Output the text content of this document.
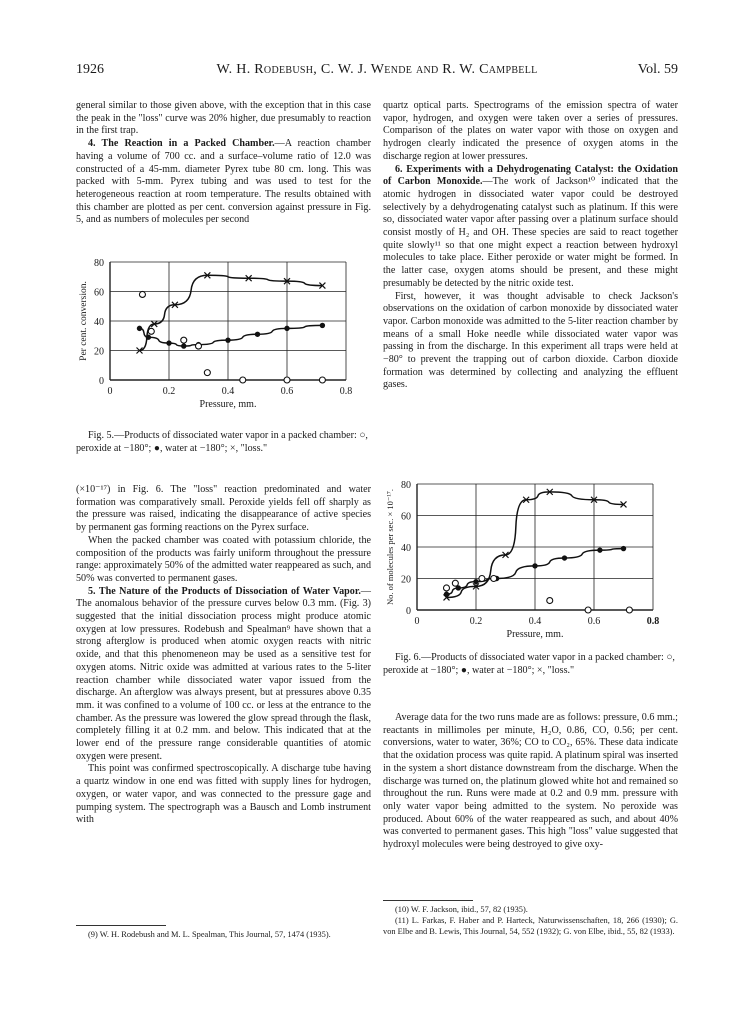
1926	W. H. Rodebush, C. W. J. Wende and R. W. Campbell	Vol. 59

general similar to those given above, with the exception that in this case the peak in the "loss" curve was 20% higher, due presumably to reaction in the first trap.

4. The Reaction in a Packed Chamber.—A reaction chamber having a volume of 700 cc. and a surface–volume ratio of 12.0 was constructed of a 45-mm. diameter Pyrex tube 80 cm. long. This was packed with 5-mm. Pyrex tubing and was used to test for the heterogeneous reaction at room temperature. The results obtained with this chamber are plotted as per cent. conversion against pressure in Fig. 5, and as numbers of molecules per second

0
20
40
60
80
0	0.2	0.4	0.6	0.8
Pressure, mm.
Per cent. conversion.

Fig. 5.—Products of dissociated water vapor in a packed chamber: ○, peroxide at −180°; ●, water at −180°; ×, "loss."

(×10⁻¹⁷) in Fig. 6. The "loss" reaction predominated and water formation was comparatively small. Peroxide yields fell off sharply as the pressure was raised, indicating the disappearance of active species by permanent gas forming reactions on the Pyrex surface.

When the packed chamber was coated with potassium chloride, the composition of the products was fairly uniform throughout the pressure range: approximately 50% of the admitted water reappeared as such, and 50% was converted to permanent gases.

5. The Nature of the Products of Dissociation of Water Vapor.—The anomalous behavior of the pressure curves below 0.3 mm. (Fig. 3) suggested that the initial dissociation process might produce atomic oxygen at low pressures. Rodebush and Spealman⁹ have shown that a strong afterglow is produced when atomic oxygen reacts with nitric oxide, and that this phenomeneon may be used as a sensitive test for oxygen atoms. Nitric oxide was admitted at various rates to the 5-liter reaction chamber while dissociated water vapor issued from the discharge. An afterglow was always present, but at pressures above 0.35 mm. it was confined to a volume of 100 cc. or less at the entrance to the chamber. As the pressure was lowered the glow spread through the flask, completely filling it at 0.2 mm. and below. This indicated that at the lower end of the pressure range considerable quantities of atomic oxygen were present.

This point was confirmed spectroscopically. A discharge tube having a quartz window in one end was fitted with supply lines for hydrogen, oxygen, or water vapor, and was connected to the pressure gage and pumping system. The spectrograph was a Bausch and Lomb instrument with

(9) W. H. Rodebush and M. L. Spealman, This Journal, 57, 1474 (1935).

quartz optical parts. Spectrograms of the emission spectra of water vapor, hydrogen, and oxygen were taken over a series of pressures. Comparison of the plates on water vapor with those on oxygen and hydrogen clearly indicated the presence of oxygen atoms in the discharge region at lower pressures.

6. Experiments with a Dehydrogenating Catalyst: the Oxidation of Carbon Monoxide.—The work of Jackson¹⁰ indicated that the atomic hydrogen in dissociated water vapor could be destroyed selectively by a dehydrogenating catalyst such as platinum. If this were so, dissociated water vapor after passing over a platinum surface should consist mostly of H₂ and OH. These species are said to react together quite slowly¹¹ so that one might expect a reaction between hydroxyl molecules to take place. Either peroxide or water might be formed. In the latter case, oxygen atoms should be present, and these might presumably be detected by the nitric oxide test.

First, however, it was thought advisable to check Jackson's observations on the oxidation of carbon monoxide by dissociated water vapor. Carbon monoxide was admitted to the 5-liter reaction chamber by means of a small Hoke needle while dissociated water vapor was passing in from the discharge. In this experiment all traps were held at −80° to prevent the trapping out of carbon dioxide. Carbon dioxide formation was determined by collecting and analyzing the effluent gases.

0
20
40
60
80
0	0.2	0.4	0.6	0.8
Pressure, mm.
No. of molecules per sec. × 10⁻¹⁷.

Fig. 6.—Products of dissociated water vapor in a packed chamber: ○, peroxide at −180°; ●, water at −180°; ×, "loss."

Average data for the two runs made are as follows: pressure, 0.6 mm.; reactants in millimoles per minute, H₂O, 0.86, CO, 0.56; per cent. conversions, water to water, 36%; CO to CO₂, 65%. These data indicate that the oxidation process was quite rapid. A platinum spiral was inserted in the system a short distance downstream from the discharge. When the discharge was turned on, the platinum glowed white hot and remained so throughout the run. Runs were made at 0.2 and 0.9 mm. pressure with only water vapor being admitted to the system. No peroxide was produced. About 60% of the water reappeared as such, and about 40% was converted to permanent gases. This high "loss" value suggested that hydroxyl molecules were being destroyed to give oxy-

(10) W. F. Jackson, ibid., 57, 82 (1935).

(11) L. Farkas, F. Haber and P. Harteck, Naturwissenschaften, 18, 266 (1930); G. von Elbe and B. Lewis, This Journal, 54, 552 (1932); G. von Elbe, ibid., 55, 82 (1933).
